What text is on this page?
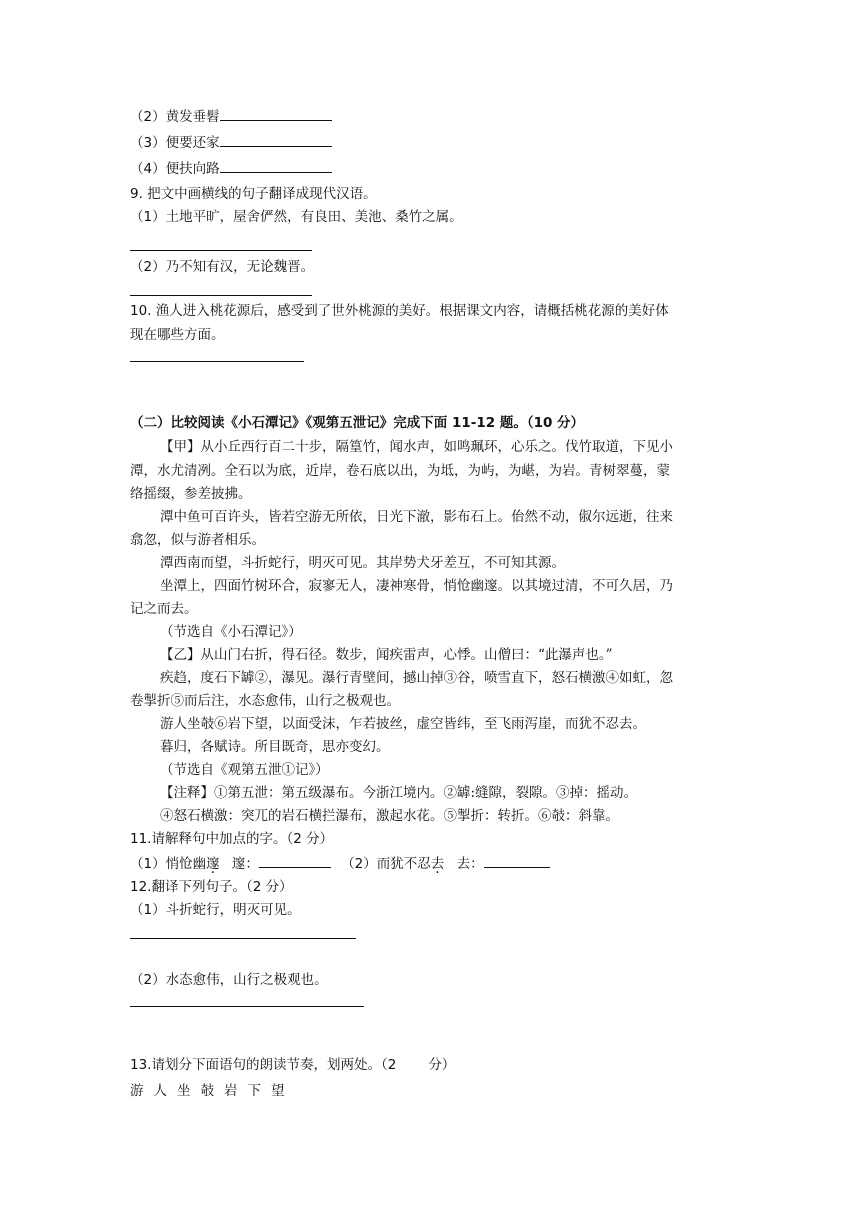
（2）黄发垂髫
（3）便要还家
（4）便扶向路
9. 把文中画横线的句子翻译成现代汉语。
（1）土地平旷，屋舍俨然，有良田、美池、桑竹之属。
（2）乃不知有汉，无论魏晋。
10. 渔人进入桃花源后，感受到了世外桃源的美好。根据课文内容，请概括桃花源的美好体
现在哪些方面。
（二）比较阅读《小石潭记》《观第五泄记》完成下面 11-12 题。（10 分）
【甲】从小丘西行百二十步，隔篁竹，闻水声，如鸣珮环，心乐之。伐竹取道，下见小
潭，水尤清冽。全石以为底，近岸，卷石底以出，为坻，为屿，为嵁，为岩。青树翠蔓，蒙
络摇缀，参差披拂。
潭中鱼可百许头，皆若空游无所依，日光下澈，影布石上。佁然不动，俶尔远逝，往来
翕忽，似与游者相乐。
潭西南而望，斗折蛇行，明灭可见。其岸势犬牙差互，不可知其源。
坐潭上，四面竹树环合，寂寥无人，凄神寒骨，悄怆幽邃。以其境过清，不可久居，乃
记之而去。
（节选自《小石潭记》）
【乙】从山门右折，得石径。数步，闻疾雷声，心悸。山僧曰：“此瀑声也。”
疾趋，度石下罅②，瀑见。瀑行青壁间，撼山掉③谷，喷雪直下，怒石横激④如虹，忽
卷掣折⑤而后注，水态愈伟，山行之极观也。
游人坐攲⑥岩下望，以面受沫，乍若披丝，虚空皆纬，至飞雨泻崖，而犹不忍去。
暮归，各赋诗。所目既奇，思亦变幻。
（节选自《观第五泄①记》）
【注释】①第五泄：第五级瀑布。今浙江境内。②罅:缝隙，裂隙。③掉：摇动。
④怒石横激：突兀的岩石横拦瀑布，激起水花。⑤掣折：转折。⑥攲：斜靠。
11.请解释句中加点的字。（2 分）
（1）悄怆幽邃 邃：	（2）而犹不忍去 去：
12.翻译下列句子。（2 分）
（1）斗折蛇行，明灭可见。
（2）水态愈伟，山行之极观也。
13.请划分下面语句的朗读节奏，划两处。（2 分）
游人坐攲岩下望
